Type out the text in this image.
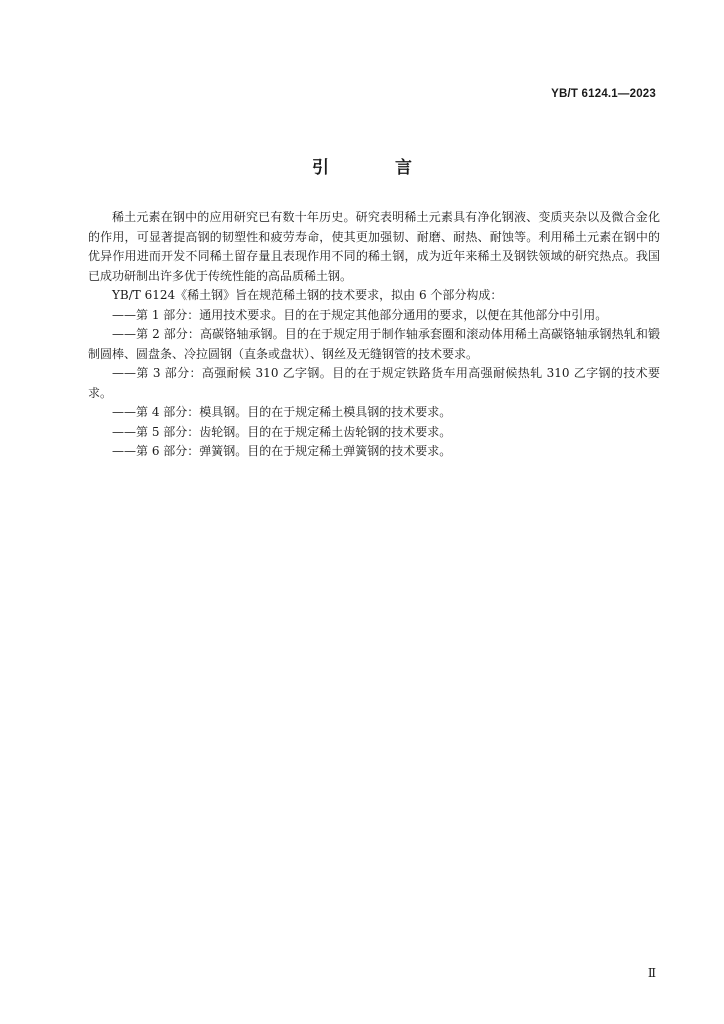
YB/T 6124.1—2023
引 言

稀土元素在钢中的应用研究已有数十年历史。研究表明稀土元素具有净化钢液、变质夹杂以及微合金化的作用，可显著提高钢的韧塑性和疲劳寿命，使其更加强韧、耐磨、耐热、耐蚀等。利用稀土元素在钢中的优异作用进而开发不同稀土留存量且表现作用不同的稀土钢，成为近年来稀土及钢铁领域的研究热点。我国已成功研制出许多优于传统性能的高品质稀土钢。

YB/T 6124《稀土钢》旨在规范稀土钢的技术要求，拟由 6 个部分构成：

——第 1 部分：通用技术要求。目的在于规定其他部分通用的要求，以便在其他部分中引用。

——第 2 部分：高碳铬轴承钢。目的在于规定用于制作轴承套圈和滚动体用稀土高碳铬轴承钢热轧和锻制圆棒、圆盘条、冷拉圆钢（直条或盘状）、钢丝及无缝钢管的技术要求。

——第 3 部分：高强耐候 310 乙字钢。目的在于规定铁路货车用高强耐候热轧 310 乙字钢的技术要求。

——第 4 部分：模具钢。目的在于规定稀土模具钢的技术要求。

——第 5 部分：齿轮钢。目的在于规定稀土齿轮钢的技术要求。

——第 6 部分：弹簧钢。目的在于规定稀土弹簧钢的技术要求。

Ⅱ
